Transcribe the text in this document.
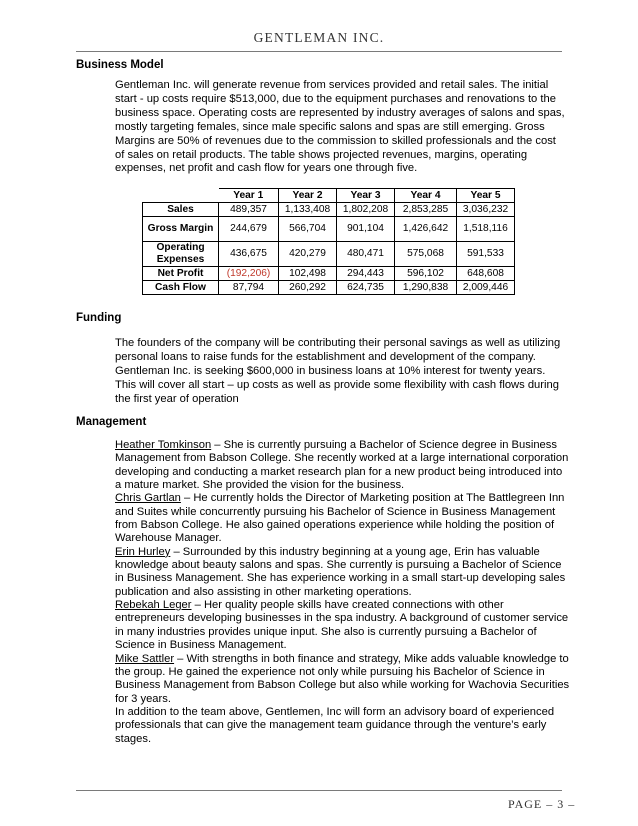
GENTLEMAN INC.
Business Model

Gentleman Inc. will generate revenue from services provided and retail sales. The initial start - up costs require $513,000, due to the equipment purchases and renovations to the business space. Operating costs are represented by industry averages of salons and spas, mostly targeting females, since male specific salons and spas are still emerging. Gross Margins are 50% of revenues due to the commission to skilled professionals and the cost of sales on retail products. The table shows projected revenues, margins, operating expenses, net profit and cash flow for years one through five.

	Year 1	Year 2	Year 3	Year 4	Year 5
Sales	489,357	1,133,408	1,802,208	2,853,285	3,036,232
Gross Margin	244,679	566,704	901,104	1,426,642	1,518,116
Operating Expenses	436,675	420,279	480,471	575,068	591,533
Net Profit	(192,206)	102,498	294,443	596,102	648,608
Cash Flow	87,794	260,292	624,735	1,290,838	2,009,446
Funding

The founders of the company will be contributing their personal savings as well as utilizing personal loans to raise funds for the establishment and development of the company. Gentleman Inc. is seeking $600,000 in business loans at 10% interest for twenty years. This will cover all start – up costs as well as provide some flexibility with cash flows during the first year of operation

Management
Heather Tomkinson – She is currently pursuing a Bachelor of Science degree in Business Management from Babson College. She recently worked at a large international corporation developing and conducting a market research plan for a new product being introduced into a mature market. She provided the vision for the business.
Chris Gartlan – He currently holds the Director of Marketing position at The Battlegreen Inn and Suites while concurrently pursuing his Bachelor of Science in Business Management from Babson College. He also gained operations experience while holding the position of Warehouse Manager.
Erin Hurley – Surrounded by this industry beginning at a young age, Erin has valuable knowledge about beauty salons and spas. She currently is pursuing a Bachelor of Science in Business Management. She has experience working in a small start-up developing sales publication and also assisting in other marketing operations.
Rebekah Leger – Her quality people skills have created connections with other entrepreneurs developing businesses in the spa industry. A background of customer service in many industries provides unique input. She also is currently pursuing a Bachelor of Science in Business Management.
Mike Sattler – With strengths in both finance and strategy, Mike adds valuable knowledge to the group. He gained the experience not only while pursuing his Bachelor of Science in Business Management from Babson College but also while working for Wachovia Securities for 3 years.
In addition to the team above, Gentlemen, Inc will form an advisory board of experienced professionals that can give the management team guidance through the venture’s early stages.
PAGE – 3 –
